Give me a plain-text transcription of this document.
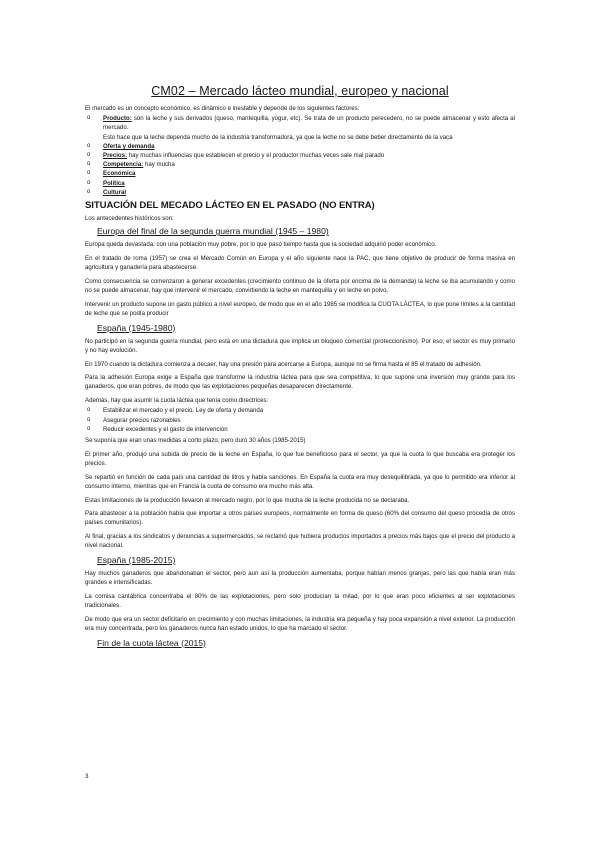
CM02 – Mercado lácteo mundial, europeo y nacional

El mercado es un concepto económico, es dinámico e inestable y depende de los siguientes factores:

o Producto: son la leche y sus derivados (queso, mantequilla, yogur, etc). Se trata de un producto perecedero, no se puede almacenar y esto afecta al mercado.
Esto hace que la leche dependa mucho de la industria transformadora, ya que la leche no se debe beber directamente de la vaca
o Oferta y demanda
o Precios: hay muchas influencias que establecen el precio y el productor muchas veces sale mal parado
o Competencia: hay mucha
o Económica
o Política
o Cultural
SITUACIÓN DEL MECADO LÁCTEO EN EL PASADO (NO ENTRA)

Los antecedentes históricos son:

Europa del final de la segunda guerra mundial (1945 – 1980)

Europa queda devastada, con una población muy pobre, por lo que pasó tiempo hasta que la sociedad adquirió poder económico.

En el tratado de roma (1957) se crea el Mercado Común en Europa y el año siguiente nace la PAC, que tiene objetivo de producir de forma masiva en agricultura y ganadería para abastecerse.

Como consecuencia se comenzaron a generar excedentes (crecimiento continuo de la oferta por encima de la demanda) la leche se iba acumulando y como no se puede almacenar, hay que intervenir el mercado, convirtiendo la leche en mantequilla y en leche en polvo.

Intervenir un producto supone un gasto público a nivel europeo, de modo que en el año 1985 se modifica la CUOTA LÁCTEA, lo que pone límites a la cantidad de leche que se podía producir

España (1945-1980)

No participó en la segunda guerra mundial, pero está en una dictadura que implica un bloqueo comercial (proteccionismo). Por eso, el sector es muy primario y no hay evolución.

En 1970 cuando la dictadura comienza a decaer, hay una presión para acercarse a Europa, aunque no se firma hasta el 85 el tratado de adhesión.

Para la adhesión Europa exige a España que transforme la industria láctea para que sea competitiva, lo que supone una inversión muy grande para los ganaderos, que eran pobres, de modo que las explotaciones pequeñas desaparecen directamente.

Además, hay que asumir la cuota láctea que tenía como directrices:

o Estabilizar el mercado y el precio. Ley de oferta y demanda
o Asegurar precios razonables
o Reducir excedentes y el gasto de intervención

Se suponía que eran unas medidas a corto plazo, pero duró 30 años (1985-2015)

El primer año, produjo una subida de precio de la leche en España, lo que fue beneficioso para el sector, ya que la cuota lo que buscaba era proteger los precios.

Se repartió en función de cada país una cantidad de litros y había sanciones. En España la cuota era muy desequilibrada, ya que lo permitido era inferior al consumo interno, mientras que en Francia la cuota de consumo era mucho más alta.

Estas limitaciones de la producción llevaron al mercado negro, por lo que mucha de la leche producida no se declaraba.

Para abastecer a la población había que importar a otros países europeos, normalmente en forma de queso (60% del consumo del queso procedía de otros países comunitarios).

Al final, gracias a los sindicatos y denuncias a supermercados, se reclamó que hubiera productos importados a precios más bajos que el precio del producto a nivel nacional.

España (1985-2015)

Hay muchos ganaderos que abandonaban el sector, pero aun así la producción aumentaba, porque habían menos granjas, pero las que había eran más grandes e intensificadas.

La cornisa cantábrica concentraba el 80% de las explotaciones, pero solo producían la mitad, por lo que eran poco eficientes al ser explotaciones tradicionales.

De modo que era un sector deficitario en crecimiento y con muchas limitaciones, la industria era pequeña y hay poca expansión a nivel exterior. La producción era muy concentrada, pero los ganaderos nunca han estado unidos, lo que ha marcado el sector.

Fin de la cuota láctea (2015)
3
